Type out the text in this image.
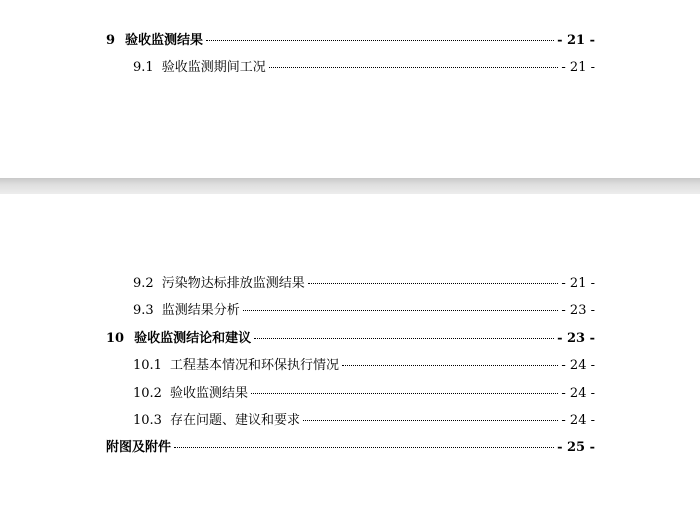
9 验收监测结果	- 21 -
9.1 验收监测期间工况	- 21 -
9.2 污染物达标排放监测结果	- 21 -
9.3 监测结果分析	- 23 -
10 验收监测结论和建议	- 23 -
10.1 工程基本情况和环保执行情况	- 24 -
10.2 验收监测结果	- 24 -
10.3 存在问题、建议和要求	- 24 -
附图及附件	- 25 -
